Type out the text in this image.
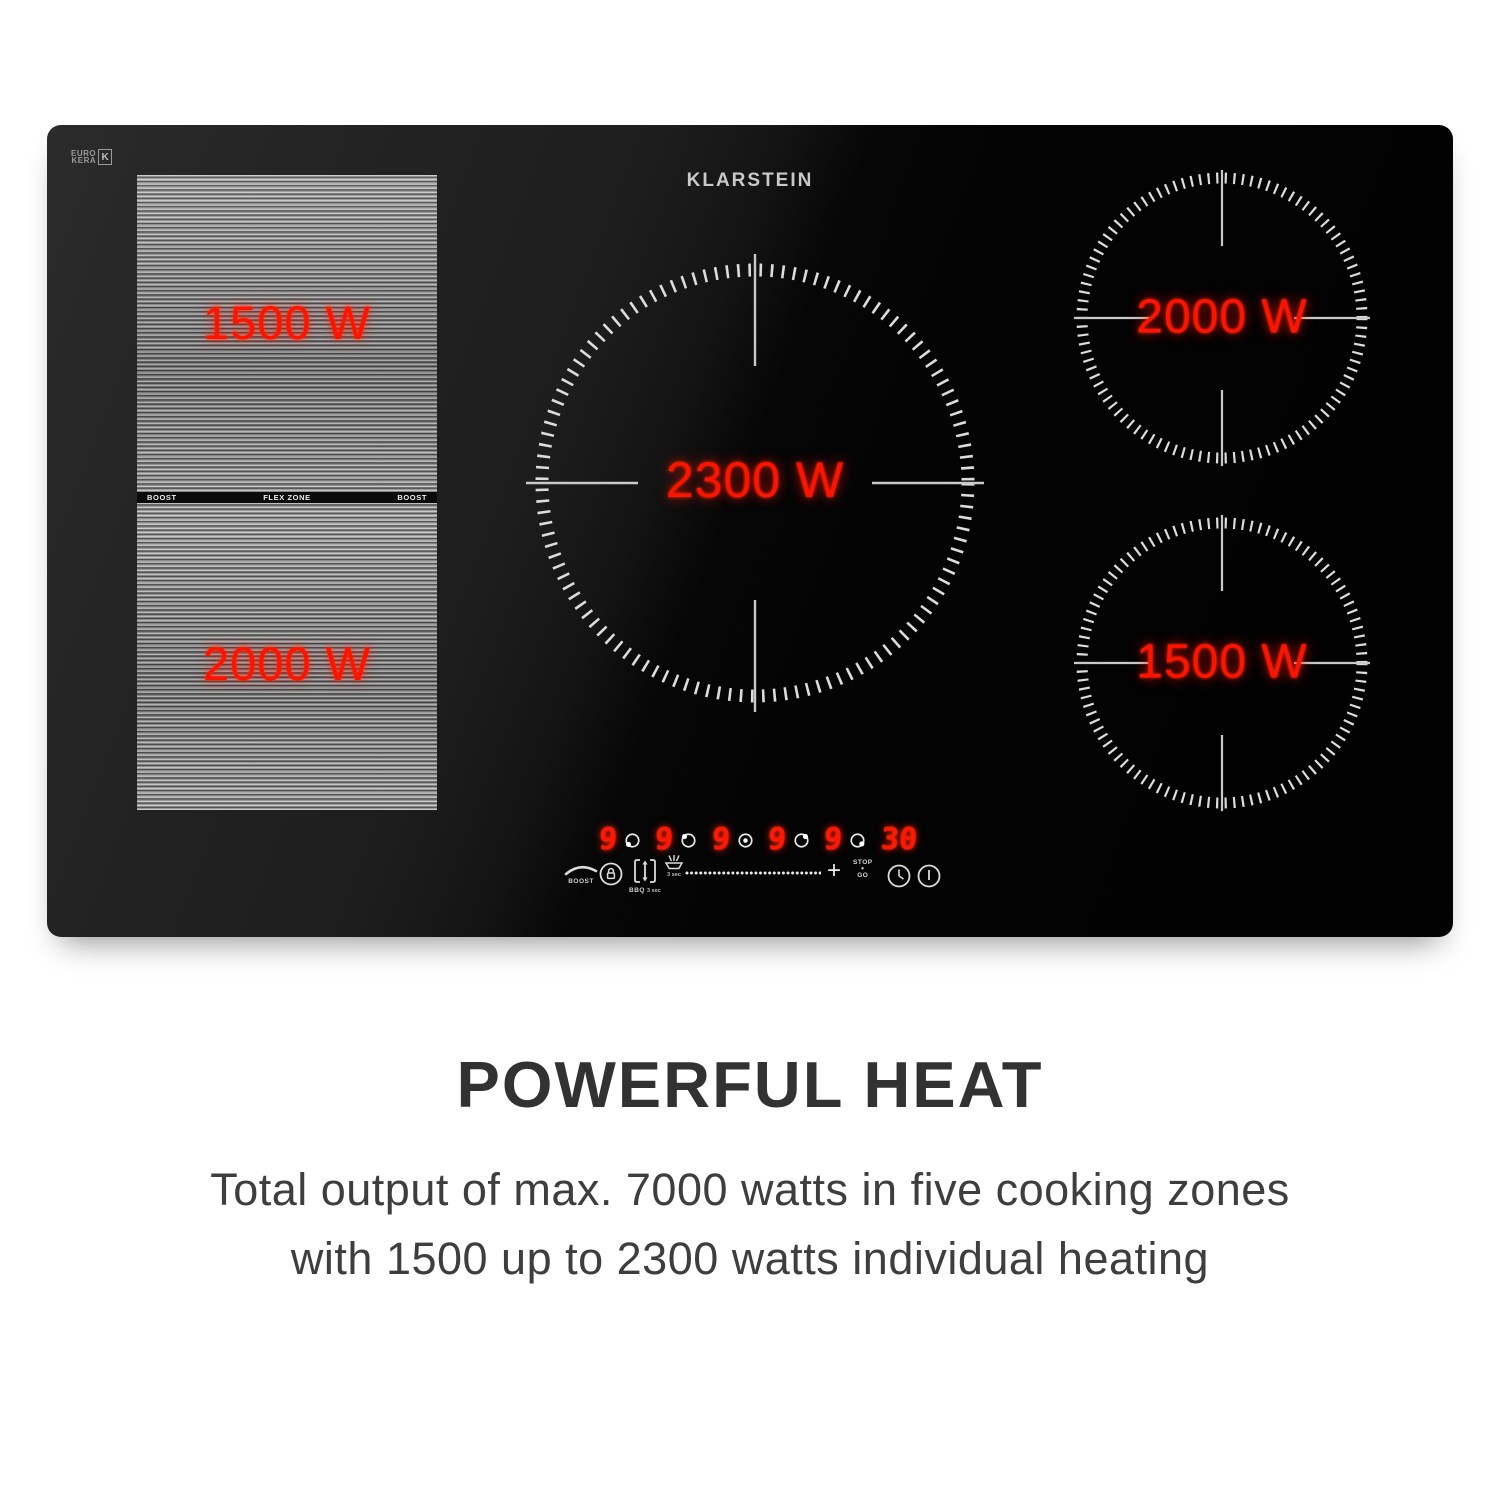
EURO
KERA K
KLARSTEIN
1500 W
BOOST	FLEX ZONE	BOOST
2000 W
2300 W
2000 W
1500 W
9 9 9 9 9 30
BOOST
BBQ 3 sec
3 sec	+ STOP
•
GO
POWERFUL HEAT

Total output of max. 7000 watts in five cooking zones
with 1500 up to 2300 watts individual heating
